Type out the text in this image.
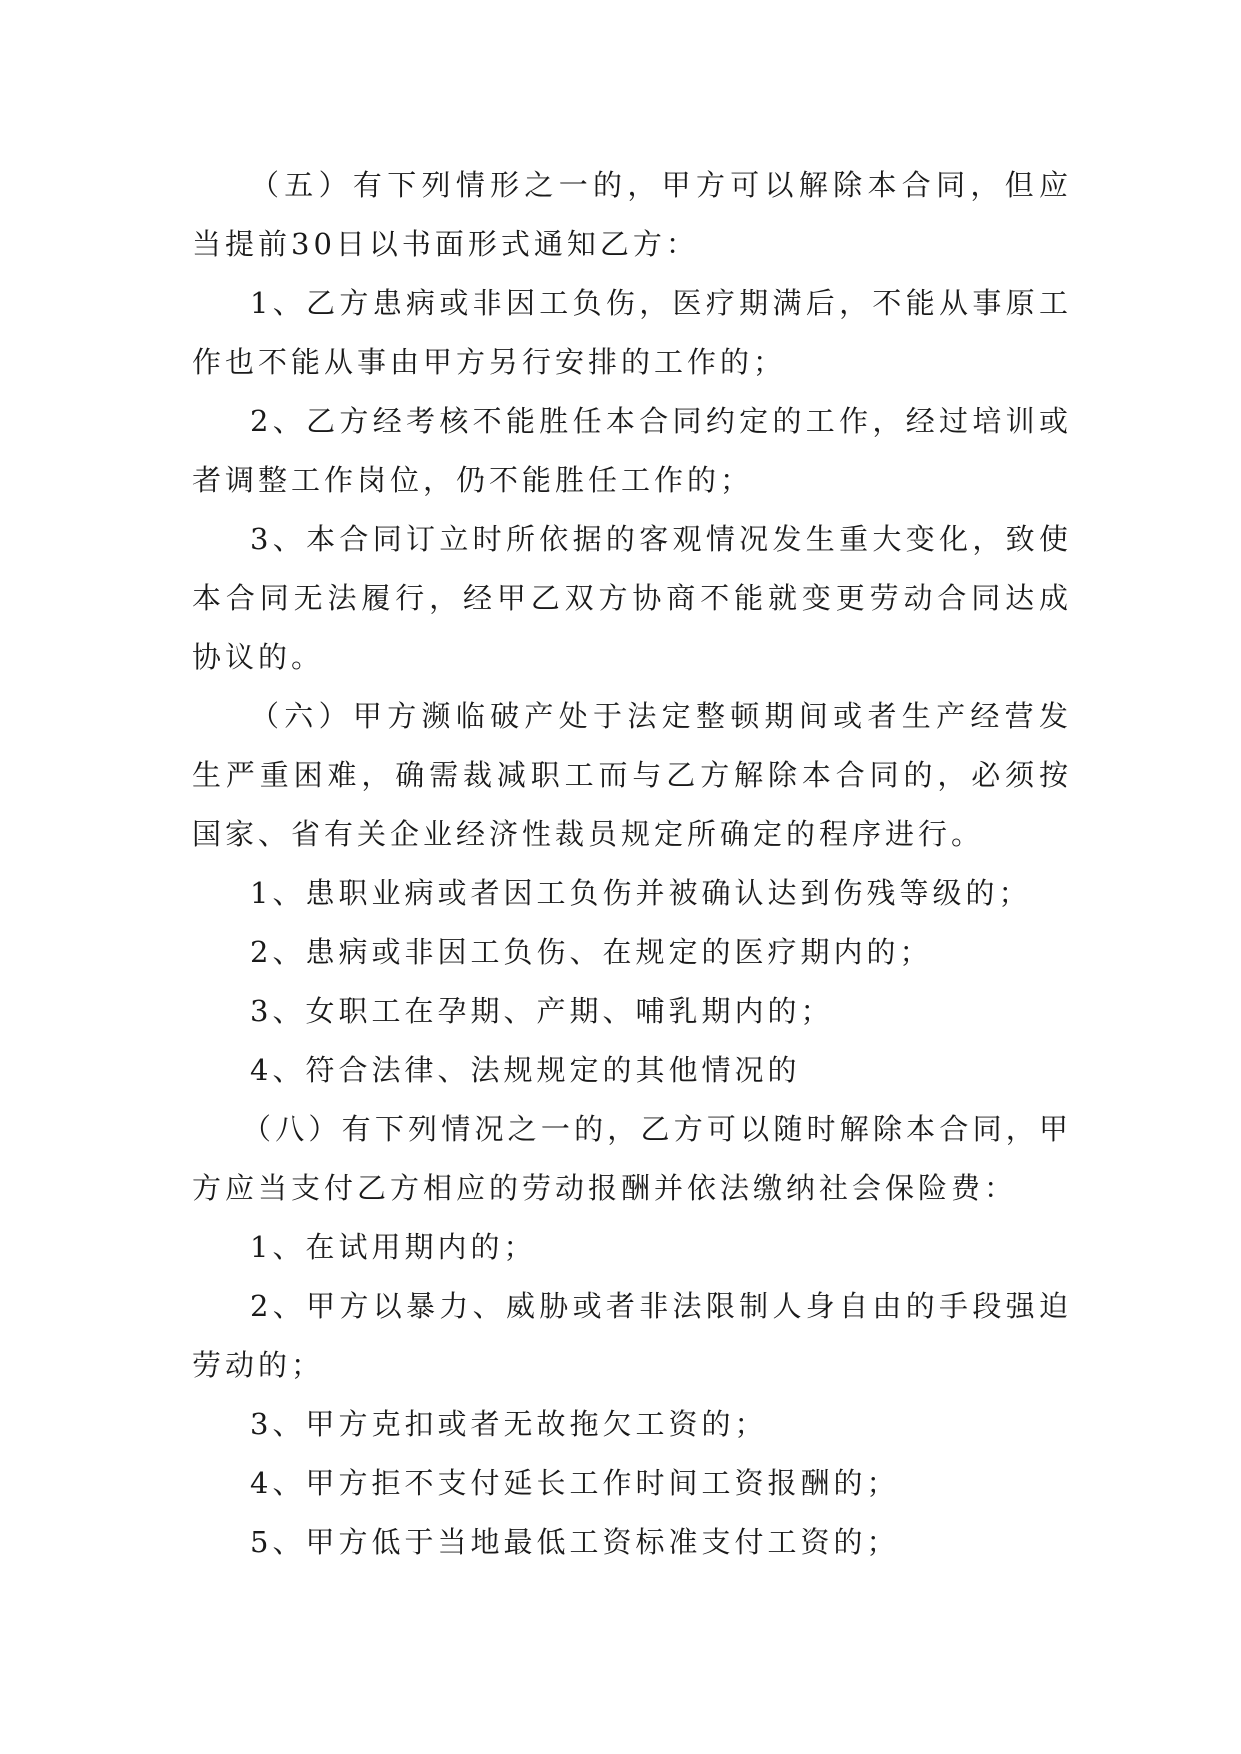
（五）有下列情形之一的，甲方可以解除本合同，但应当提前30日以书面形式通知乙方：

1、乙方患病或非因工负伤，医疗期满后，不能从事原工作也不能从事由甲方另行安排的工作的；

2、乙方经考核不能胜任本合同约定的工作，经过培训或者调整工作岗位，仍不能胜任工作的；

3、本合同订立时所依据的客观情况发生重大变化，致使本合同无法履行，经甲乙双方协商不能就变更劳动合同达成协议的。

（六）甲方濒临破产处于法定整顿期间或者生产经营发生严重困难，确需裁减职工而与乙方解除本合同的，必须按国家、省有关企业经济性裁员规定所确定的程序进行。

1、患职业病或者因工负伤并被确认达到伤残等级的；

2、患病或非因工负伤、在规定的医疗期内的；

3、女职工在孕期、产期、哺乳期内的；

4、符合法律、法规规定的其他情况的

（八）有下列情况之一的，乙方可以随时解除本合同，甲方应当支付乙方相应的劳动报酬并依法缴纳社会保险费：

1、在试用期内的；

2、甲方以暴力、威胁或者非法限制人身自由的手段强迫劳动的；

3、甲方克扣或者无故拖欠工资的；

4、甲方拒不支付延长工作时间工资报酬的；

5、甲方低于当地最低工资标准支付工资的；
